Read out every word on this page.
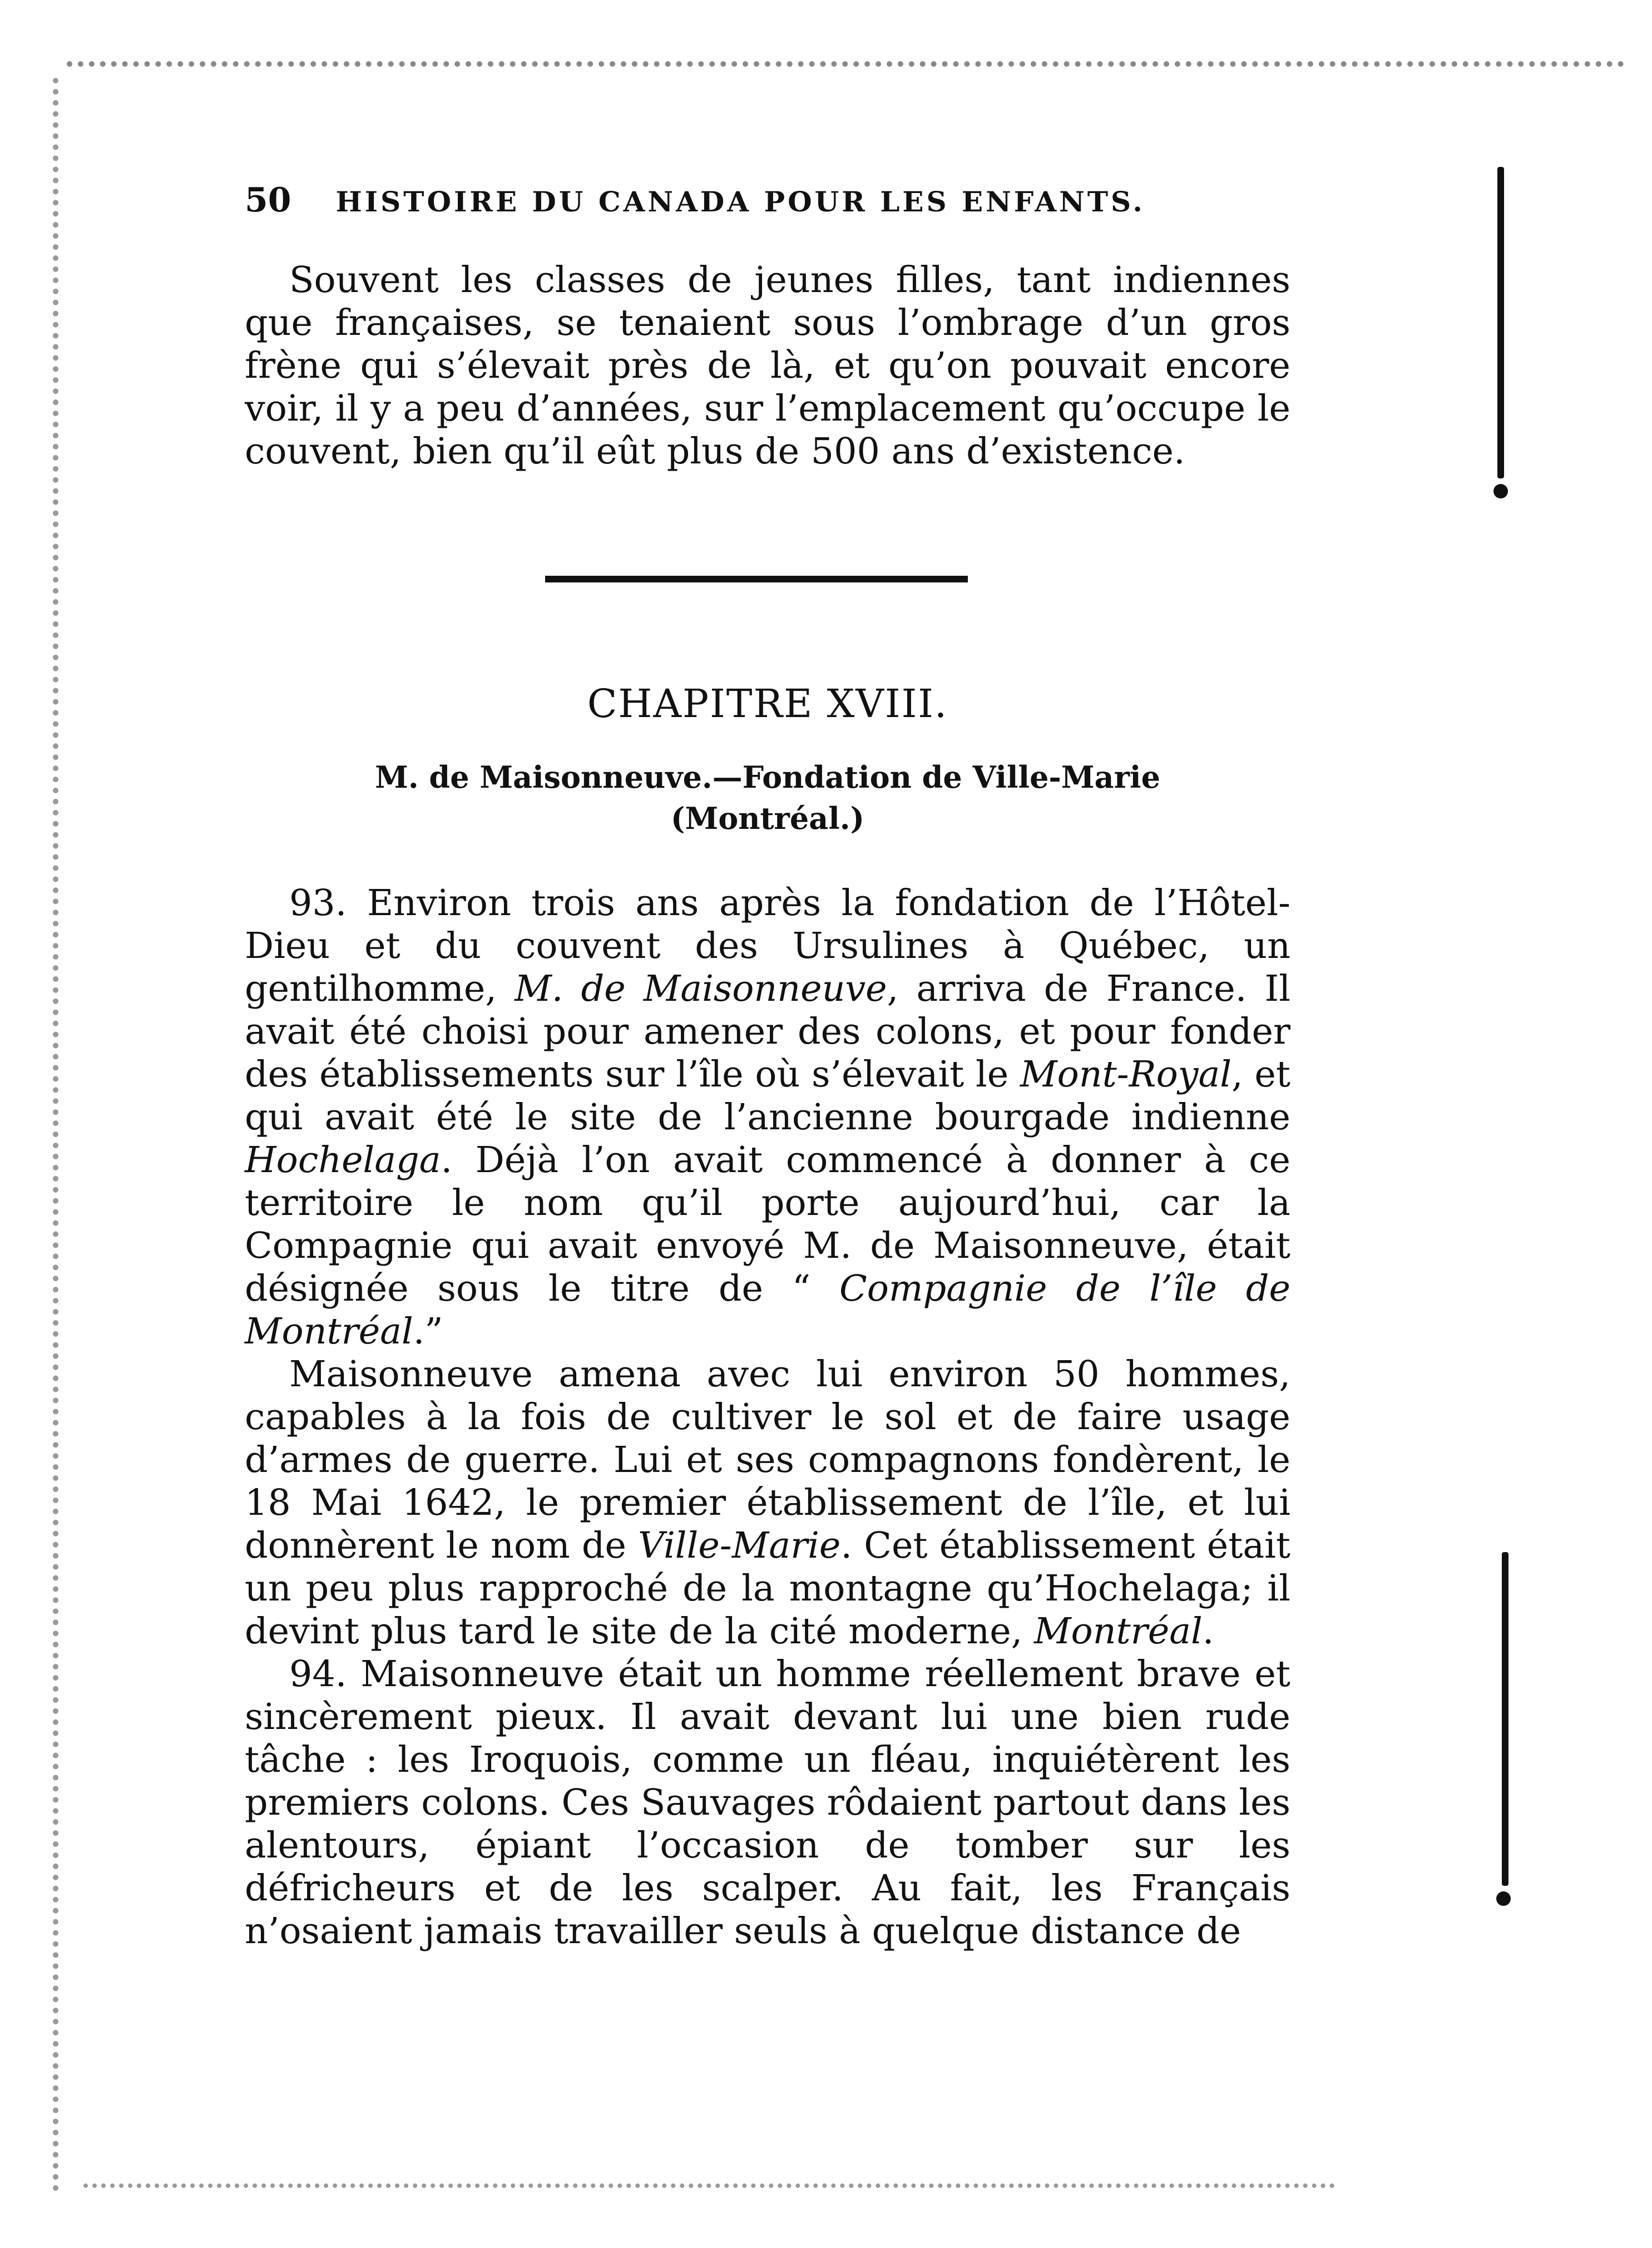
50 HISTOIRE DU CANADA POUR LES ENFANTS.

Souvent les classes de jeunes filles, tant indiennes que françaises, se tenaient sous l’ombrage d’un gros frène qui s’élevait près de là, et qu’on pouvait encore voir, il y a peu d’années, sur l’emplacement qu’occupe le couvent, bien qu’il eût plus de 500 ans d’existence.

CHAPITRE XVIII.
M. de Maisonneuve.—Fondation de Ville-Marie
(Montréal.)

93. Environ trois ans après la fondation de l’Hôtel-Dieu et du couvent des Ursulines à Québec, un gentilhomme, M. de Maisonneuve, arriva de France. Il avait été choisi pour amener des colons, et pour fonder des établissements sur l’île où s’élevait le Mont-Royal, et qui avait été le site de l’ancienne bourgade indienne Hochelaga. Déjà l’on avait commencé à donner à ce territoire le nom qu’il porte aujourd’hui, car la Compagnie qui avait envoyé M. de Maisonneuve, était désignée sous le titre de “ Compagnie de l’île de Montréal.”

Maisonneuve amena avec lui environ 50 hommes, capables à la fois de cultiver le sol et de faire usage d’armes de guerre. Lui et ses compagnons fondèrent, le 18 Mai 1642, le premier établissement de l’île, et lui donnèrent le nom de Ville-Marie. Cet établissement était un peu plus rapproché de la montagne qu’Hochelaga; il devint plus tard le site de la cité moderne, Montréal.

94. Maisonneuve était un homme réellement brave et sincèrement pieux. Il avait devant lui une bien rude tâche : les Iroquois, comme un fléau, inquiétèrent les premiers colons. Ces Sauvages rôdaient partout dans les alentours, épiant l’occasion de tomber sur les défricheurs et de les scalper. Au fait, les Français n’osaient jamais travailler seuls à quelque distance de
